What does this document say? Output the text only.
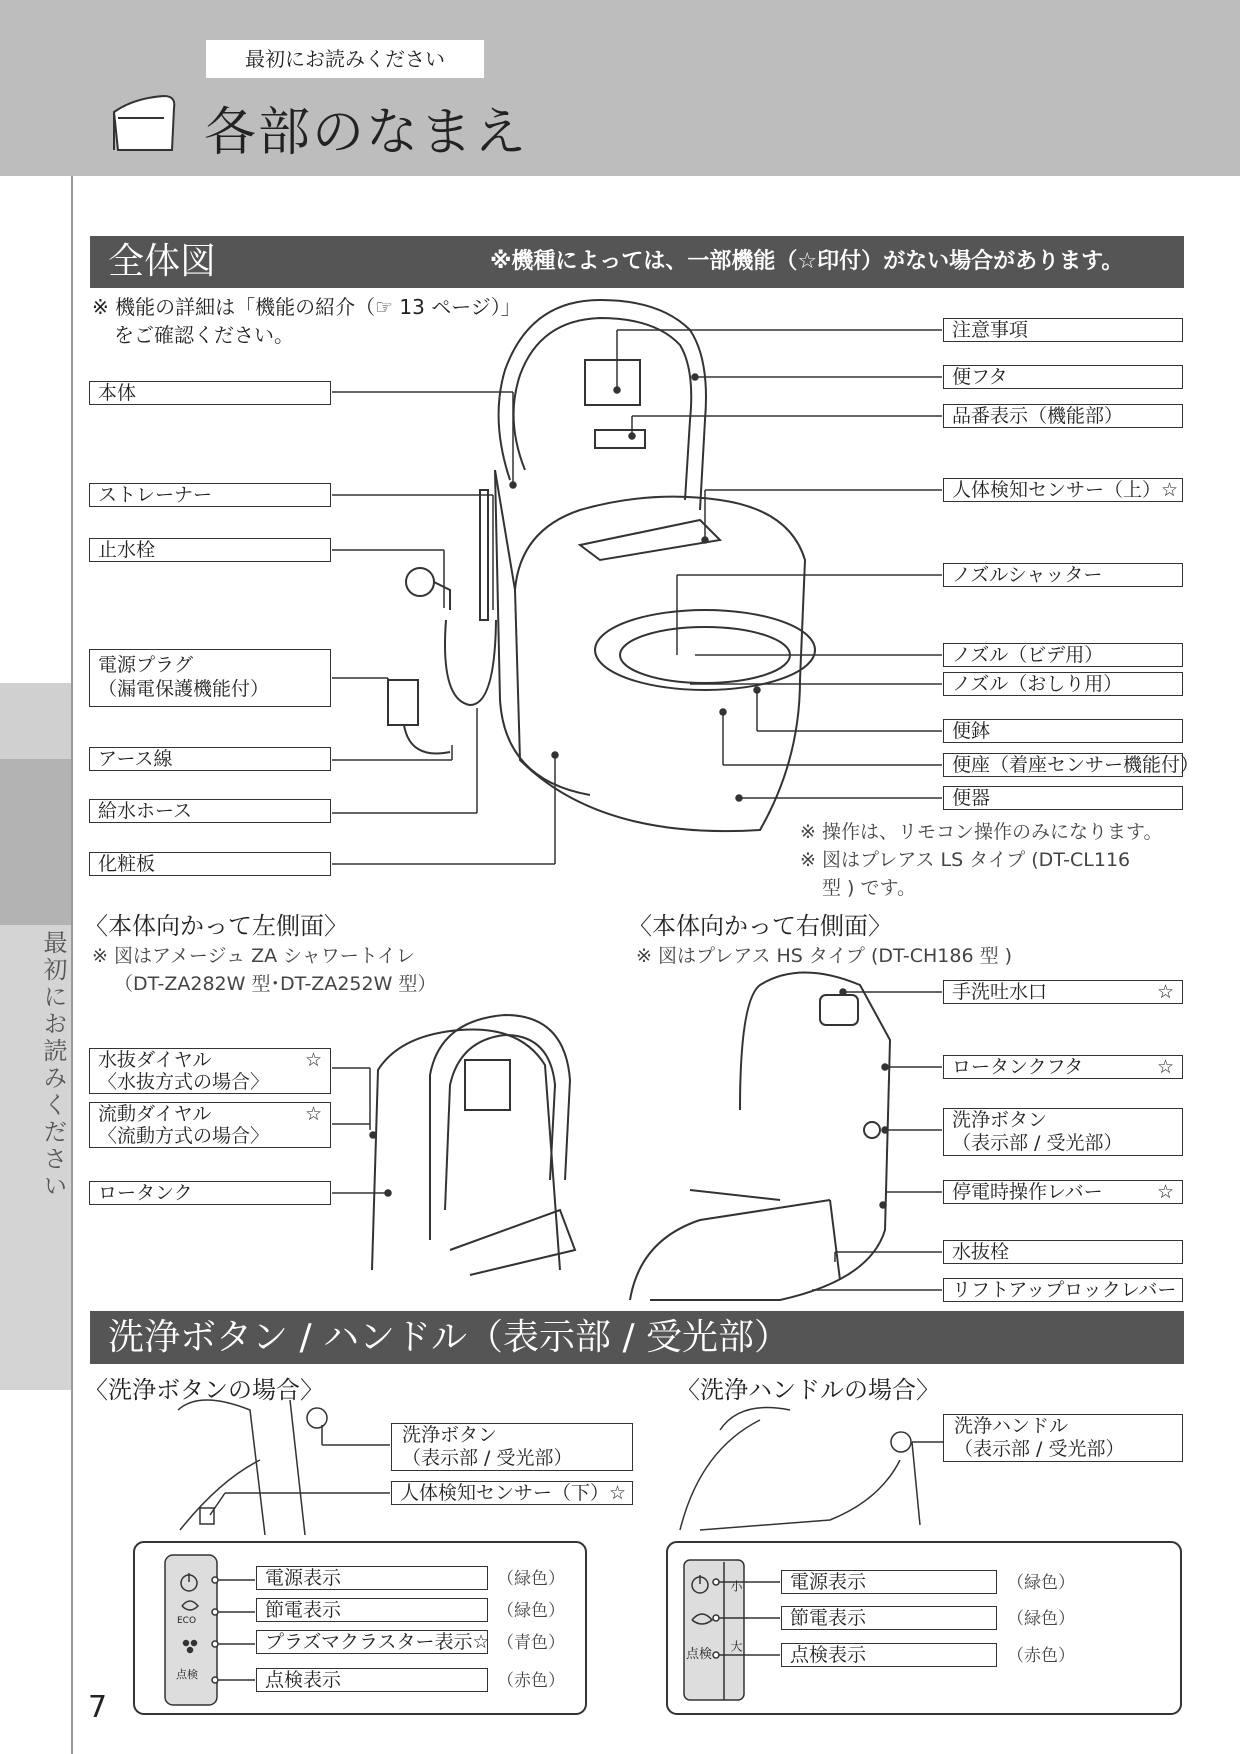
最初にお読みください
各部のなまえ
最初にお読みください
全体図	※機種によっては、一部機能（☆印付）がない場合があります。
※ 機能の詳細は「機能の紹介（☞ 13 ページ）」
をご確認ください。
本体
ストレーナー
止水栓
電源プラグ
（漏電保護機能付）
アース線
給水ホース
化粧板
注意事項
便フタ
品番表示（機能部）
人体検知センサー（上）☆
ノズルシャッター
ノズル（ビデ用）
ノズル（おしり用）
便鉢
便座（着座センサー機能付）
便器
※ 操作は、リモコン操作のみになります。
※ 図はプレアス LS タイプ (DT-CL116
型 ) です。
〈本体向かって左側面〉
※ 図はアメージュ ZA シャワートイレ
（DT-ZA282W 型･DT-ZA252W 型）
〈本体向かって右側面〉
※ 図はプレアス HS タイプ (DT-CH186 型 )
水抜ダイヤル
〈水抜方式の場合〉
☆
流動ダイヤル
〈流動方式の場合〉
☆
ロータンク
手洗吐水口	☆
ロータンクフタ	☆
洗浄ボタン
（表示部 / 受光部）
停電時操作レバー	☆
水抜栓
リフトアップロックレバー
洗浄ボタン / ハンドル（表示部 / 受光部）
〈洗浄ボタンの場合〉	〈洗浄ハンドルの場合〉
洗浄ボタン
（表示部 / 受光部）
人体検知センサー（下）☆
洗浄ハンドル
（表示部 / 受光部）
ECO
点検
点検
小
大
電源表示	（緑色）
節電表示	（緑色）
プラズマクラスター表示☆ （青色）
点検表示	（赤色）
電源表示	（緑色）
節電表示	（緑色）
点検表示	（赤色）
7
